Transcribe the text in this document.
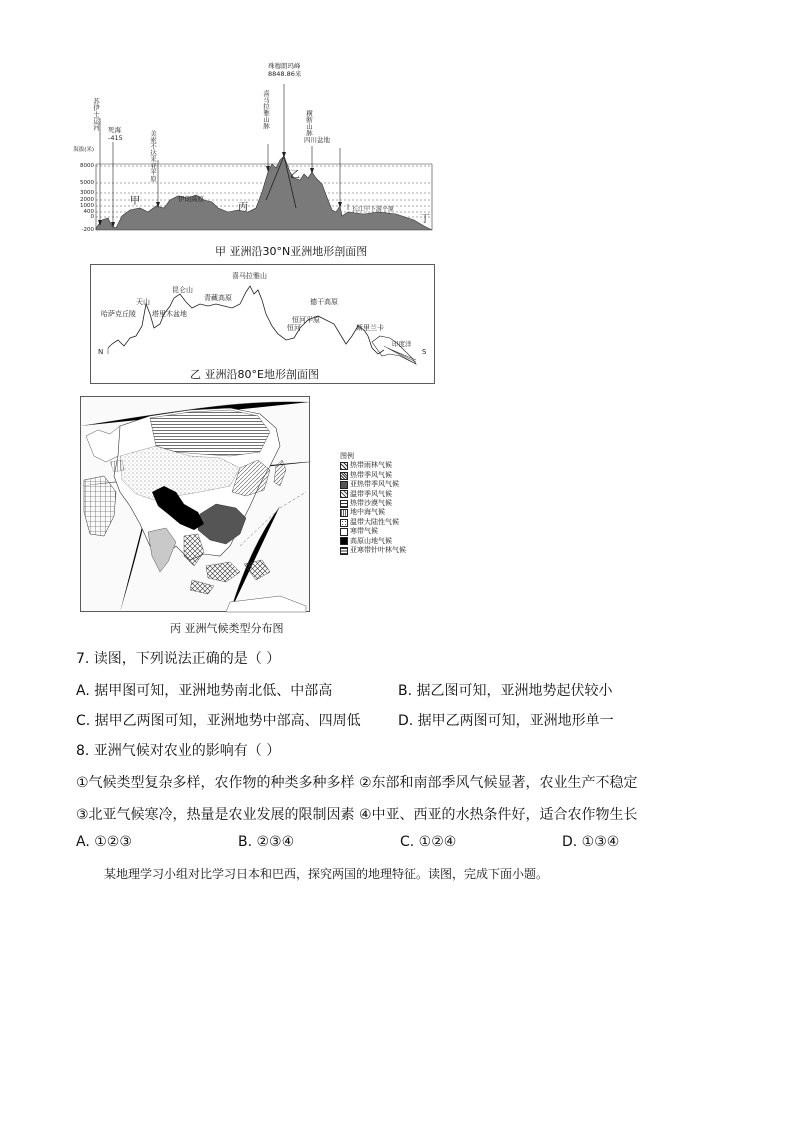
海拔(米)
8000
5000
3000
2000
1000
400
0
-200
珠穆朗玛峰
8848.86米
四川盆地
伊朗高原
长江中下游平原
死海
-415
苏伊士运河
美索不达米亚平原
喜马拉雅山脉	横断山脉
甲
乙
丙
丁
甲 亚洲沿30°N亚洲地形剖面图
N	S
哈萨克丘陵
天山
塔里木盆地
昆仑山
青藏高原
喜马拉雅山
恒河平原
恒河
德干高原
斯里兰卡
印度洋
乙 亚洲沿80°E地形剖面图
图例
热带雨林气候
热带季风气候
亚热带季风气候
温带季风气候
热带沙漠气候
地中海气候
温带大陆性气候
寒带气候
高原山地气候
亚寒带针叶林气候
丙 亚洲气候类型分布图
7. 读图，下列说法正确的是（ ）
A. 据甲图可知，亚洲地势南北低、中部高	B. 据乙图可知，亚洲地势起伏较小
C. 据甲乙两图可知，亚洲地势中部高、四周低	D. 据甲乙两图可知，亚洲地形单一
8. 亚洲气候对农业的影响有（ ）
①气候类型复杂多样，农作物的种类多种多样 ②东部和南部季风气候显著，农业生产不稳定
③北亚气候寒冷，热量是农业发展的限制因素 ④中亚、西亚的水热条件好，适合农作物生长
A. ①②③	B. ②③④	C. ①②④	D. ①③④
某地理学习小组对比学习日本和巴西，探究两国的地理特征。读图，完成下面小题。
